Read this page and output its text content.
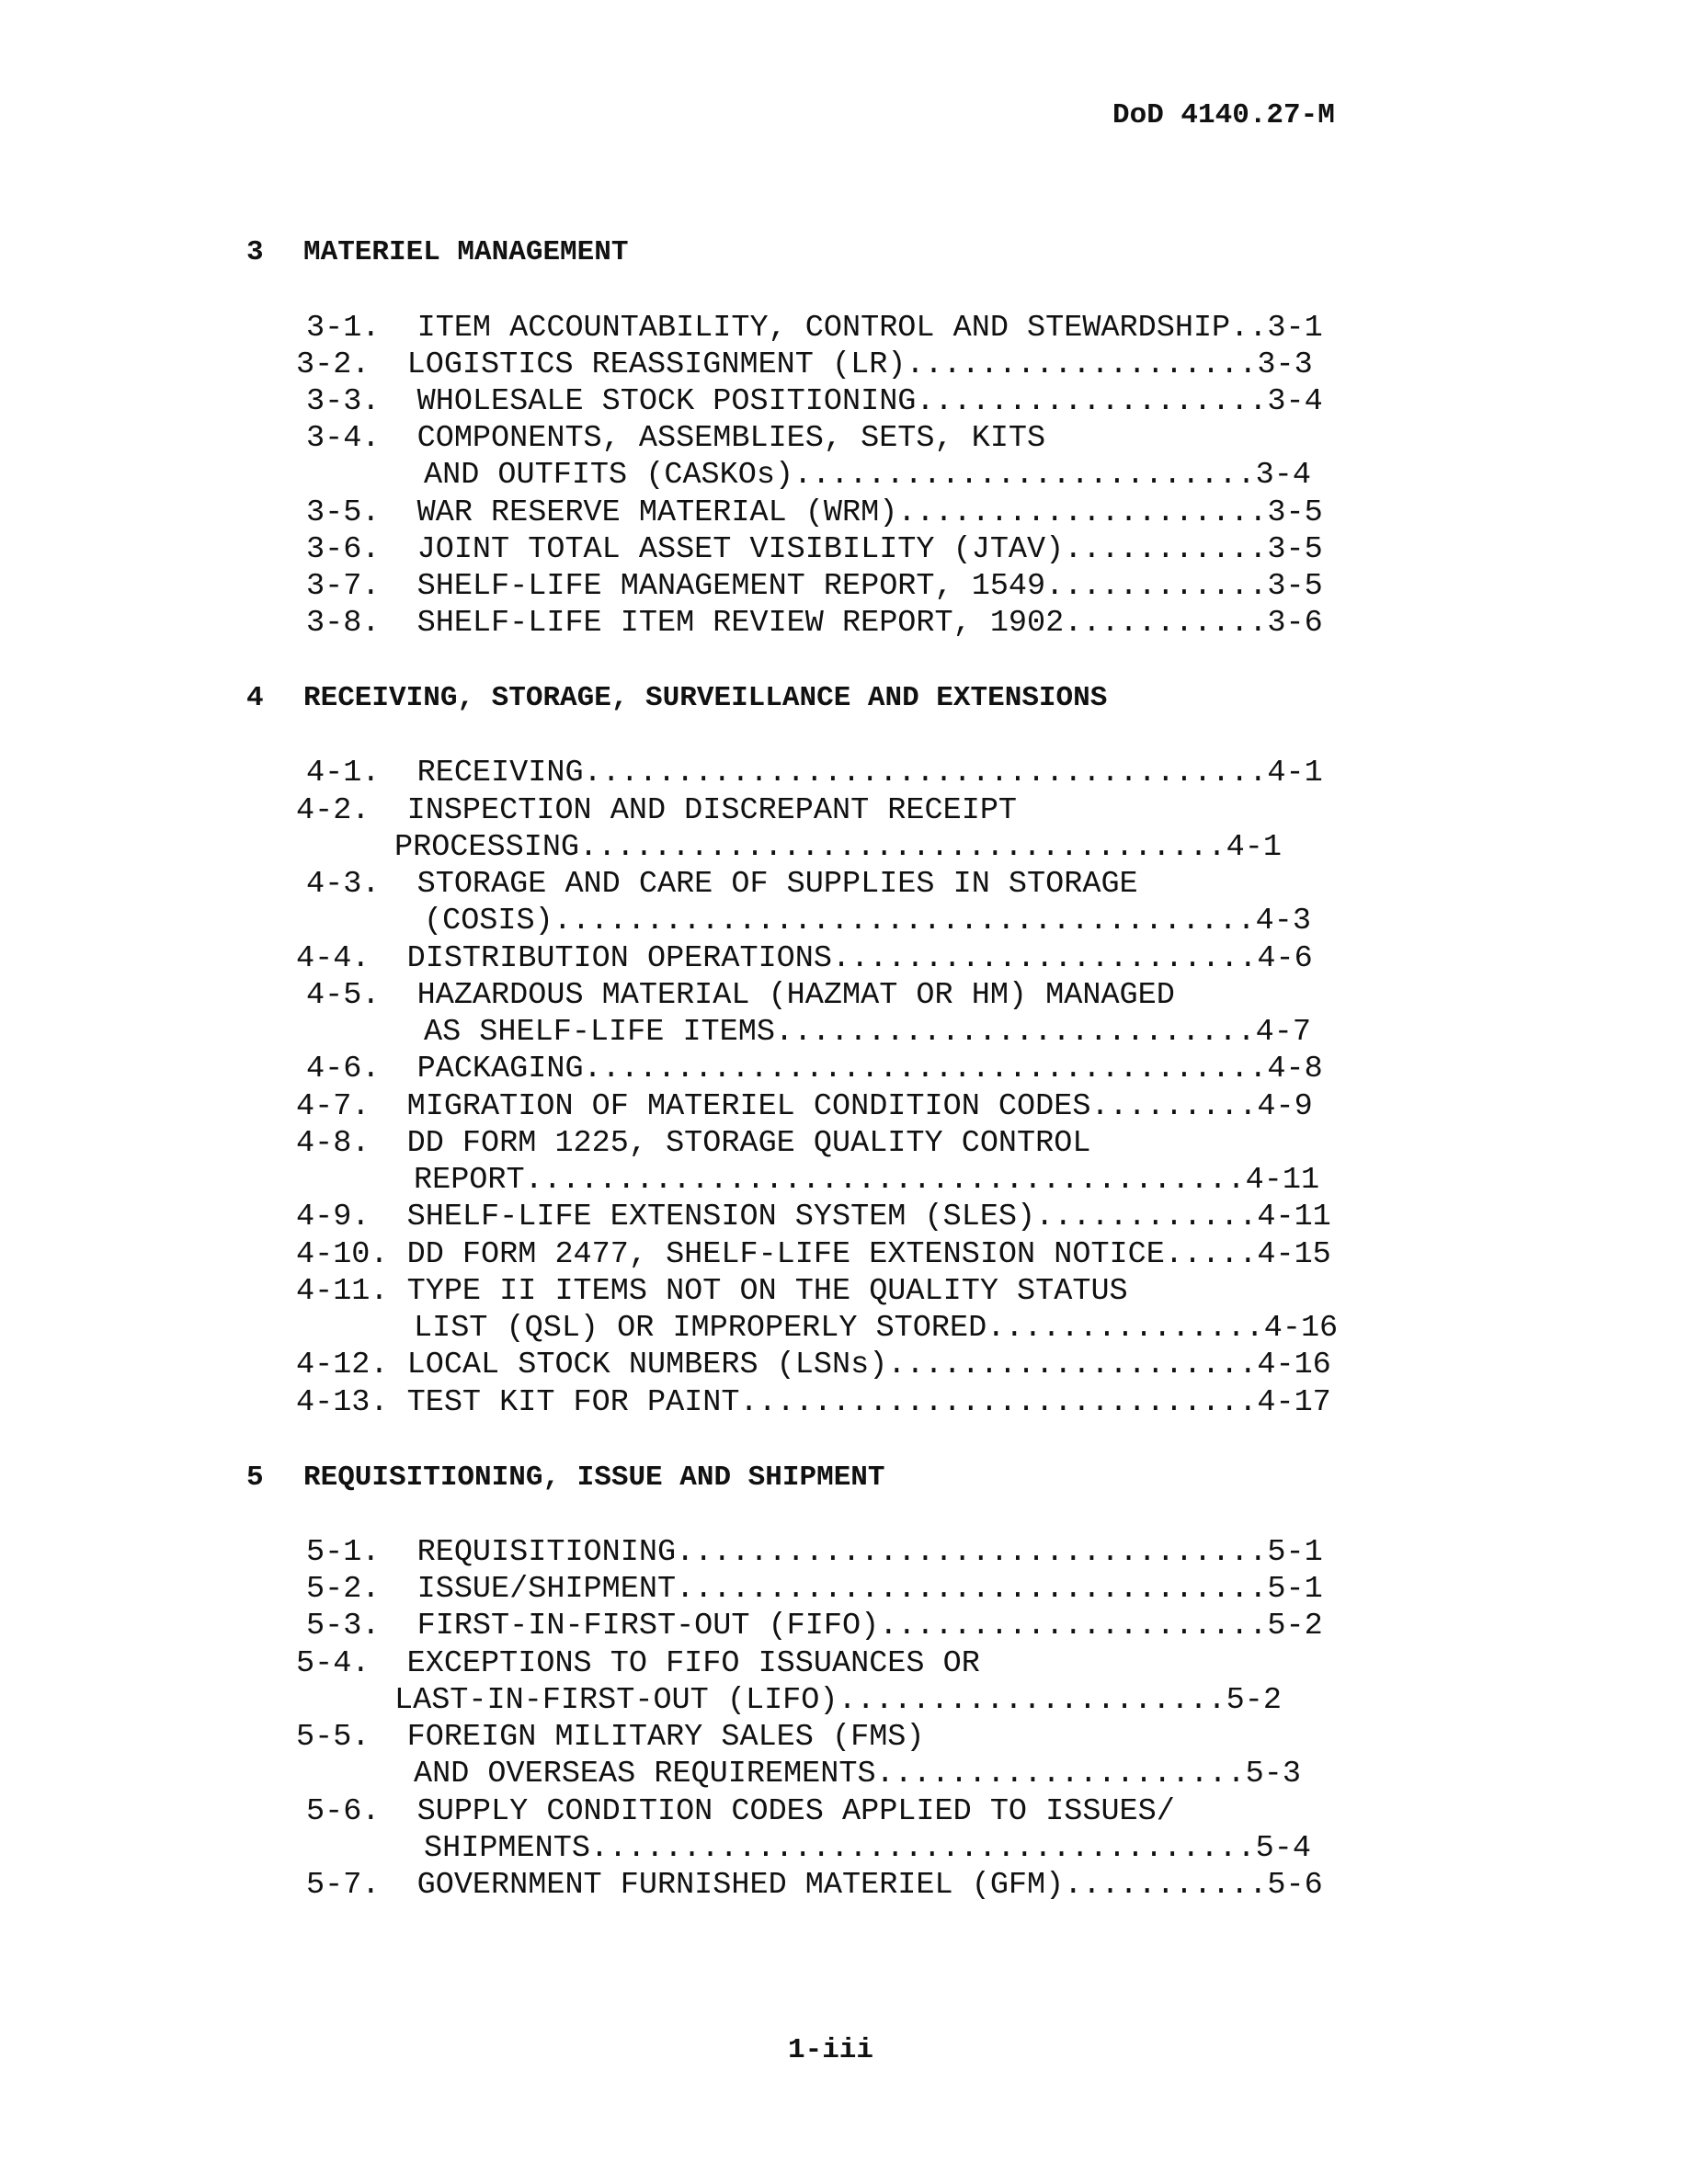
DoD 4140.27-M
3 MATERIEL MANAGEMENT
3-1.  ITEM ACCOUNTABILITY, CONTROL AND STEWARDSHIP..3-1
3-2.  LOGISTICS REASSIGNMENT (LR)...................3-3
3-3.  WHOLESALE STOCK POSITIONING...................3-4
3-4.  COMPONENTS, ASSEMBLIES, SETS, KITS
AND OUTFITS (CASKOs).........................3-4
3-5.  WAR RESERVE MATERIAL (WRM)....................3-5
3-6.  JOINT TOTAL ASSET VISIBILITY (JTAV)...........3-5
3-7.  SHELF-LIFE MANAGEMENT REPORT, 1549............3-5
3-8.  SHELF-LIFE ITEM REVIEW REPORT, 1902...........3-6
4 RECEIVING, STORAGE, SURVEILLANCE AND EXTENSIONS
4-1.  RECEIVING.....................................4-1
4-2.  INSPECTION AND DISCREPANT RECEIPT
PROCESSING...................................4-1
4-3.  STORAGE AND CARE OF SUPPLIES IN STORAGE
(COSIS)......................................4-3
4-4.  DISTRIBUTION OPERATIONS.......................4-6
4-5.  HAZARDOUS MATERIAL (HAZMAT OR HM) MANAGED
AS SHELF-LIFE ITEMS..........................4-7
4-6.  PACKAGING.....................................4-8
4-7.  MIGRATION OF MATERIEL CONDITION CODES.........4-9
4-8.  DD FORM 1225, STORAGE QUALITY CONTROL
REPORT.......................................4-11
4-9.  SHELF-LIFE EXTENSION SYSTEM (SLES)............4-11
4-10. DD FORM 2477, SHELF-LIFE EXTENSION NOTICE.....4-15
4-11. TYPE II ITEMS NOT ON THE QUALITY STATUS
LIST (QSL) OR IMPROPERLY STORED...............4-16
4-12. LOCAL STOCK NUMBERS (LSNs)....................4-16
4-13. TEST KIT FOR PAINT............................4-17
5 REQUISITIONING, ISSUE AND SHIPMENT
5-1.  REQUISITIONING................................5-1
5-2.  ISSUE/SHIPMENT................................5-1
5-3.  FIRST-IN-FIRST-OUT (FIFO).....................5-2
5-4.  EXCEPTIONS TO FIFO ISSUANCES OR
LAST-IN-FIRST-OUT (LIFO).....................5-2
5-5.  FOREIGN MILITARY SALES (FMS)
AND OVERSEAS REQUIREMENTS....................5-3
5-6.  SUPPLY CONDITION CODES APPLIED TO ISSUES/
SHIPMENTS....................................5-4
5-7.  GOVERNMENT FURNISHED MATERIEL (GFM)...........5-6
1-iii
